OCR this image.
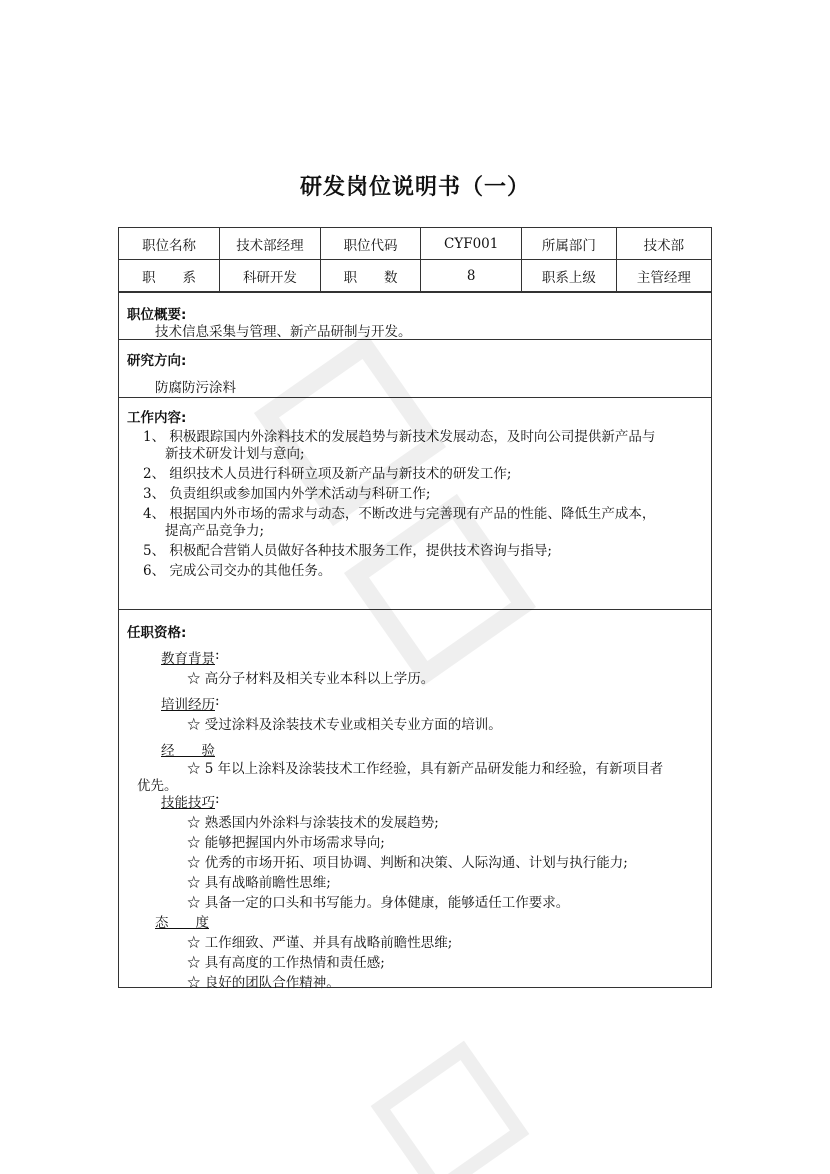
研发岗位说明书（一）
职位名称	技术部经理	职位代码	CYF001	所属部门	技术部
职　　系	科研开发	职　　数	8	职系上级	主管经理
职位概要:
技术信息采集与管理、新产品研制与开发。
研究方向:
防腐防污涂料
工作内容:
1、 积极跟踪国内外涂料技术的发展趋势与新技术发展动态，及时向公司提供新产品与
新技术研发计划与意向;
2、 组织技术人员进行科研立项及新产品与新技术的研发工作;
3、 负责组织或参加国内外学术活动与科研工作;
4、 根据国内外市场的需求与动态，不断改进与完善现有产品的性能、降低生产成本，
提高产品竞争力;
5、 积极配合营销人员做好各种技术服务工作，提供技术咨询与指导;
6、 完成公司交办的其他任务。
任职资格:
教育背景 :
☆ 高分子材料及相关专业本科以上学历。
培训经历 :
☆ 受过涂料及涂装技术专业或相关专业方面的培训。
经　　验
☆ 5 年以上涂料及涂装技术工作经验，具有新产品研发能力和经验，有新项目者
优先。
技能技巧 :
☆ 熟悉国内外涂料与涂装技术的发展趋势;
☆ 能够把握国内外市场需求导向;
☆ 优秀的市场开拓、项目协调、判断和决策、人际沟通、计划与执行能力;
☆ 具有战略前瞻性思维;
☆ 具备一定的口头和书写能力。身体健康，能够适任工作要求。
态　　度
☆ 工作细致、严谨、并具有战略前瞻性思维;
☆ 具有高度的工作热情和责任感;
☆ 良好的团队合作精神。
